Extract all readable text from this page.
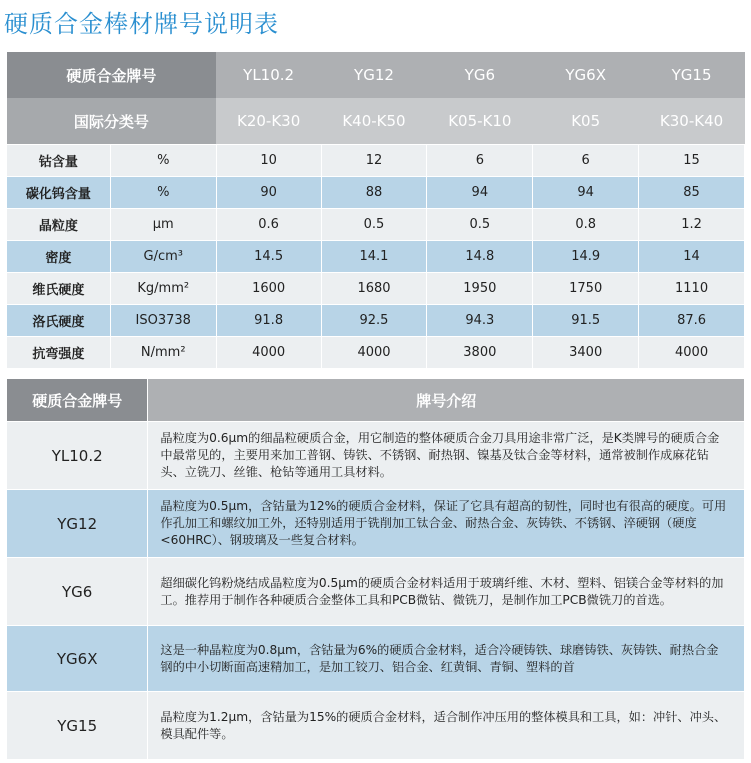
硬质合金棒材牌号说明表
硬质合金牌号		YL10.2	YG12	YG6	YG6X	YG15
国际分类号		K20-K30	K40-K50	K05-K10	K05	K30-K40
钴含量	%	10	12	6	6	15
碳化钨含量	%	90	88	94	94	85
晶粒度	μm	0.6	0.5	0.5	0.8	1.2
密度	G/cm³	14.5	14.1	14.8	14.9	14
维氏硬度	Kg/mm²	1600	1680	1950	1750	1110
洛氏硬度	ISO3738	91.8	92.5	94.3	91.5	87.6
抗弯强度	N/mm²	4000	4000	3800	3400	4000
硬质合金牌号	牌号介绍
YL10.2	晶粒度为0.6μm的细晶粒硬质合金，用它制造的整体硬质合金刀具用途非常广泛，是K类牌号的硬质合金中最常见的，主要用来加工普钢、铸铁、不锈钢、耐热钢、镍基及钛合金等材料，通常被制作成麻花钻头、立铣刀、丝锥、枪钻等通用工具材料。
YG12	晶粒度为0.5μm，含钴量为12%的硬质合金材料，保证了它具有超高的韧性，同时也有很高的硬度。可用作孔加工和螺纹加工外，还特别适用于铣削加工钛合金、耐热合金、灰铸铁、不锈钢、淬硬钢（硬度<60HRC）、钢玻璃及一些复合材料。
YG6	超细碳化钨粉烧结成晶粒度为0.5μm的硬质合金材料适用于玻璃纤维、木材、塑料、铝镁合金等材料的加工。推荐用于制作各种硬质合金整体工具和PCB微钻、微铣刀，是制作加工PCB微铣刀的首选。
YG6X	这是一种晶粒度为0.8μm，含钴量为6%的硬质合金材料，适合冷硬铸铁、球磨铸铁、灰铸铁、耐热合金钢的中小切断面高速精加工，是加工铰刀、铝合金、红黄铜、青铜、塑料的首
YG15	晶粒度为1.2μm，含钴量为15%的硬质合金材料，适合制作冲压用的整体模具和工具，如：冲针、冲头、模具配件等。
